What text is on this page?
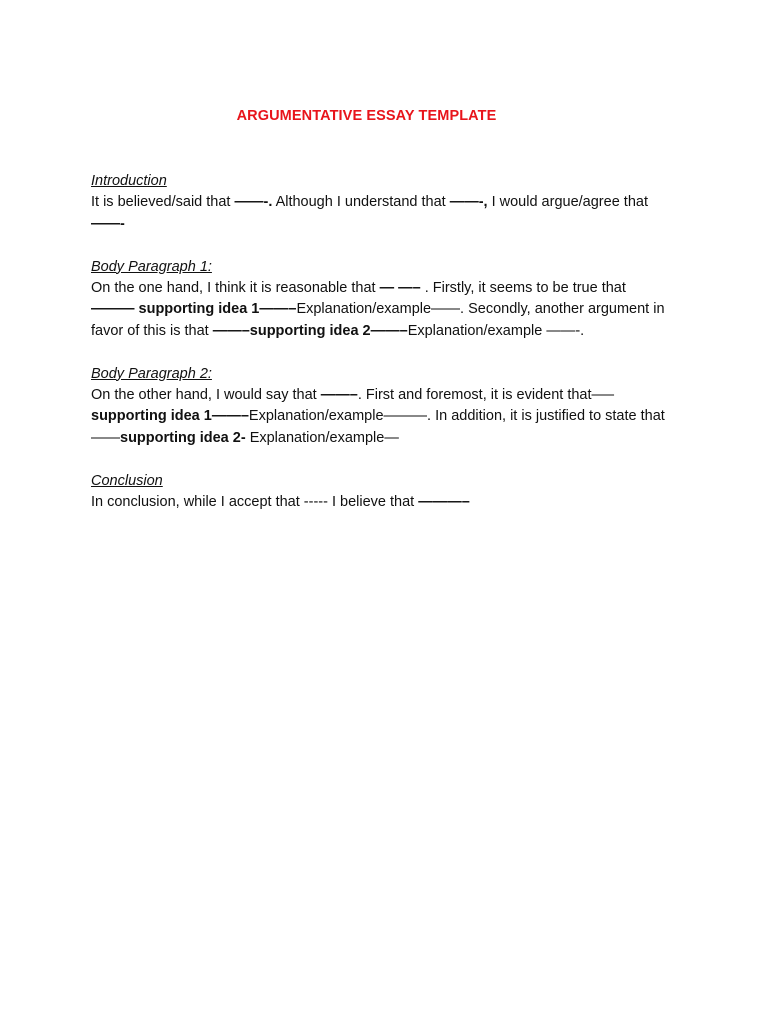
ARGUMENTATIVE ESSAY TEMPLATE
Introduction
It is believed/said that ——-. Although I understand that ——-, I would argue/agree that——-
Body Paragraph 1:
On the one hand, I think it is reasonable that — —– . Firstly, it seems to be true that ——— supporting idea 1——–Explanation/example——. Secondly, another argument in favor of this is that ——–supporting idea 2——–Explanation/example ——-.
Body Paragraph 2:
On the other hand, I would say that ——–. First and foremost, it is evident that—– supporting idea 1——–Explanation/example———. In addition, it is justified to state that ——supporting idea 2- Explanation/example—
Conclusion
In conclusion, while I accept that ----- I believe that ———–
